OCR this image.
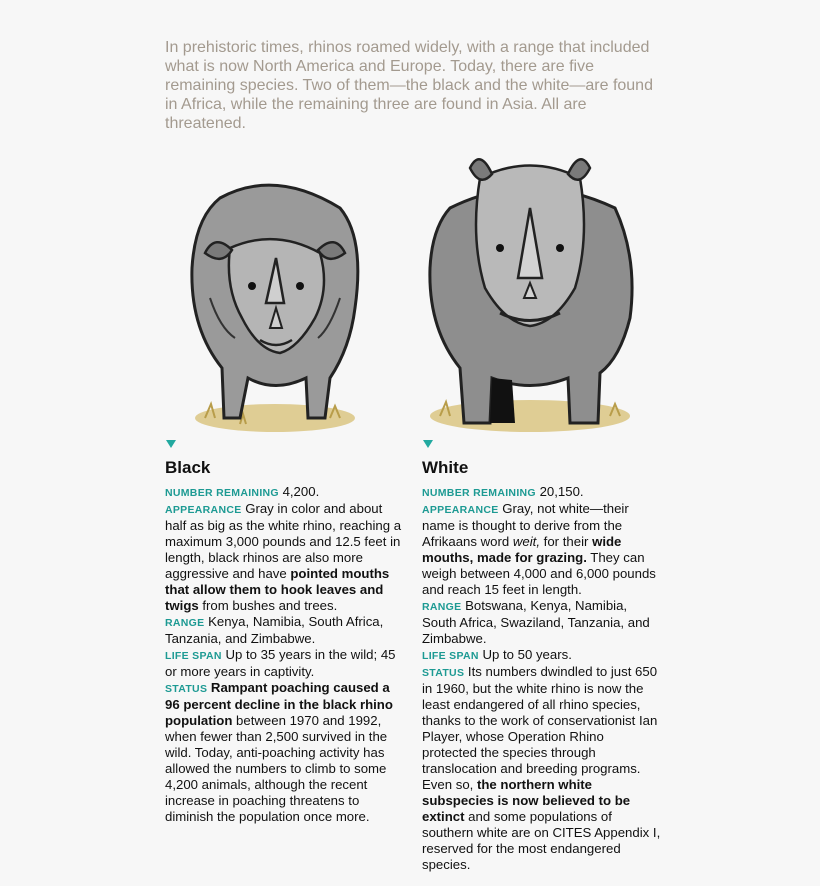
In prehistoric times, rhinos roamed widely, with a range that included what is now North America and Europe. Today, there are five remaining species. Two of them—the black and the white—are found in Africa, while the remaining three are found in Asia. All are threatened.

Black

NUMBER REMAINING 4,200.

APPEARANCE Gray in color and about half as big as the white rhino, reaching a maximum 3,000 pounds and 12.5 feet in length, black rhinos are also more aggressive and have pointed mouths that allow them to hook leaves and twigs from bushes and trees.

RANGE Kenya, Namibia, South Africa, Tanzania, and Zimbabwe.

LIFE SPAN Up to 35 years in the wild; 45 or more years in captivity.

STATUS Rampant poaching caused a 96 percent decline in the black rhino population between 1970 and 1992, when fewer than 2,500 survived in the wild. Today, anti-poaching activity has allowed the numbers to climb to some 4,200 animals, although the recent increase in poaching threatens to diminish the population once more.

White

NUMBER REMAINING 20,150.

APPEARANCE Gray, not white—their name is thought to derive from the Afrikaans word weit, for their wide mouths, made for grazing. They can weigh between 4,000 and 6,000 pounds and reach 15 feet in length.

RANGE Botswana, Kenya, Namibia, South Africa, Swaziland, Tanzania, and Zimbabwe.

LIFE SPAN Up to 50 years.

STATUS Its numbers dwindled to just 650 in 1960, but the white rhino is now the least endangered of all rhino species, thanks to the work of conservationist Ian Player, whose Operation Rhino protected the species through translocation and breeding programs. Even so, the northern white subspecies is now believed to be extinct and some populations of southern white are on CITES Appendix I, reserved for the most endangered species.
